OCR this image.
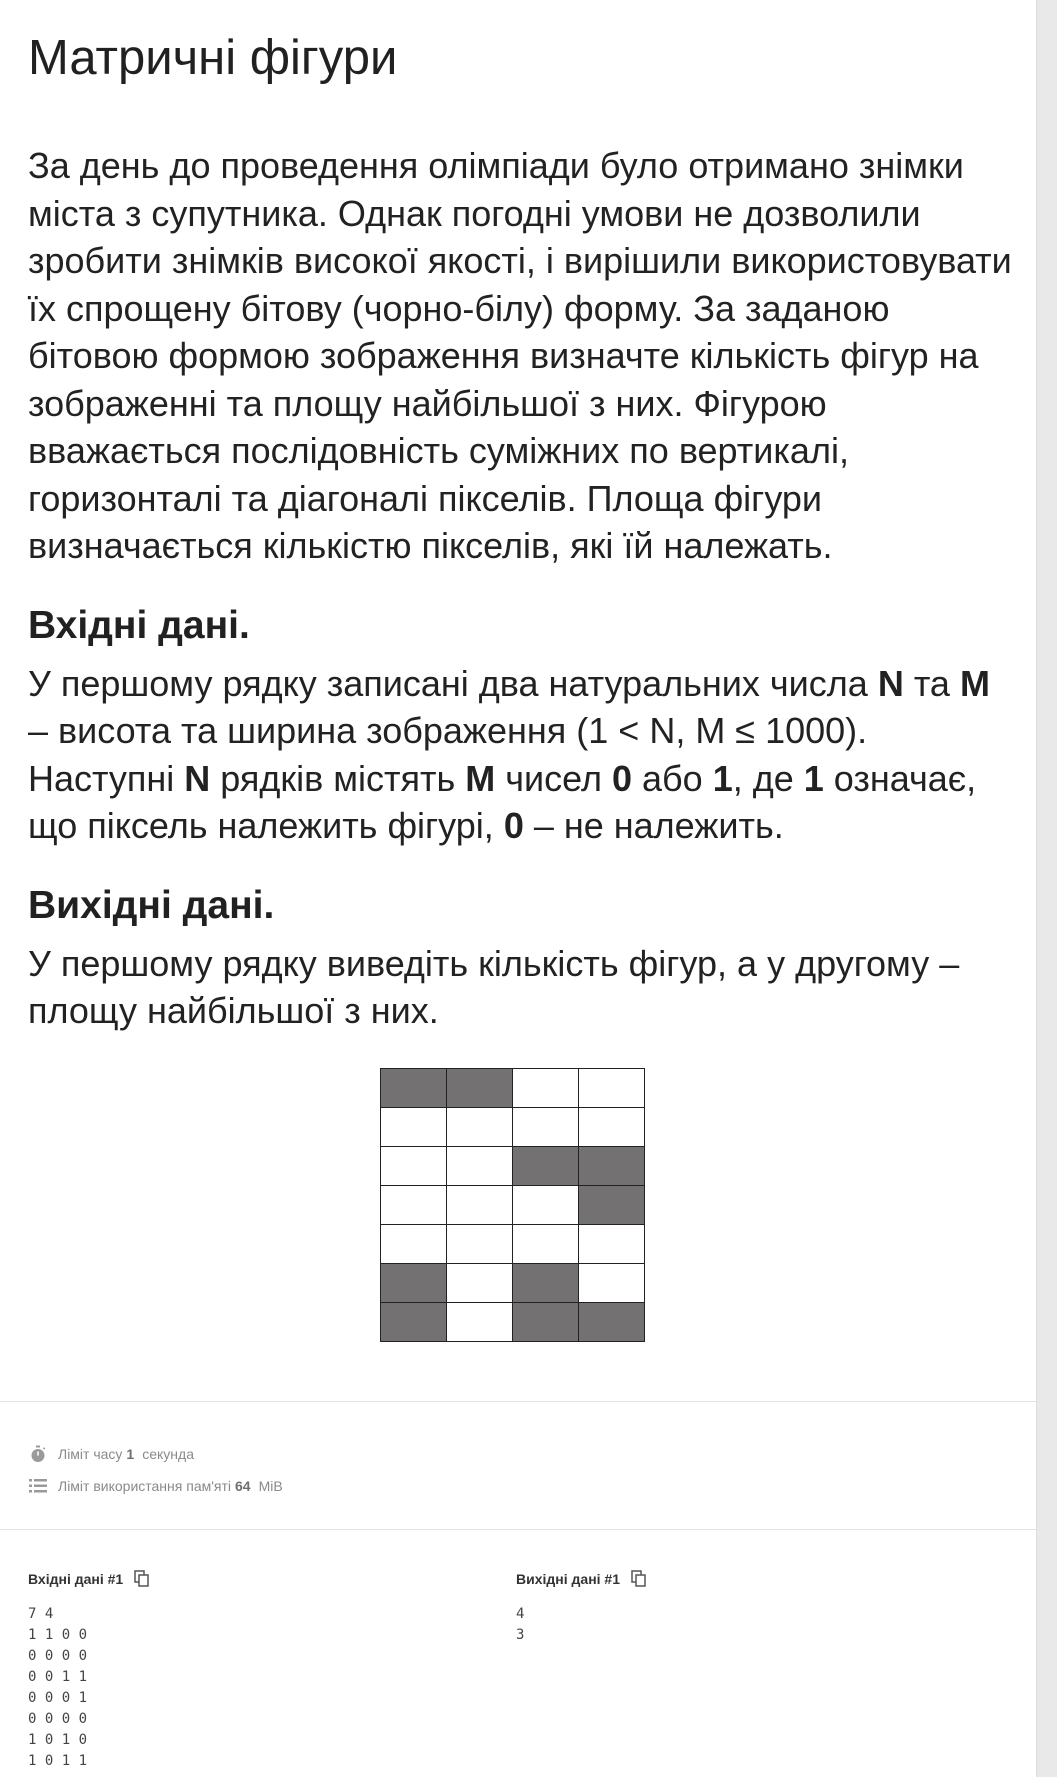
Матричні фігури

За день до проведення олімпіади було отримано знімки міста з супутника. Однак погодні умови не дозволили зробити знімків високої якості, і вирішили використовувати їх спрощену бітову (чорно-білу) форму. За заданою бітовою формою зображення визначте кількість фігур на зображенні та площу найбільшої з них. Фігурою вважається послідовність суміжних по вертикалі, горизонталі та діагоналі пікселів. Площа фігури визначається кількістю пікселів, які їй належать.

Вхідні дані.

У першому рядку записані два натуральних числа N та M – висота та ширина зображення (1 < N, M ≤ 1000). Наступні N рядків містять M чисел 0 або 1, де 1 означає, що піксель належить фігурі, 0 – не належить.

Вихідні дані.

У першому рядку виведіть кількість фігур, а у другому – площу найбільшої з них.

Ліміт часу 1 секунда
Ліміт використання пам'яті 64 MiB
Вхідні дані #1
7 4
1 1 0 0
0 0 0 0
0 0 1 1
0 0 0 1
0 0 0 0
1 0 1 0
1 0 1 1
Вихідні дані #1
4
3
